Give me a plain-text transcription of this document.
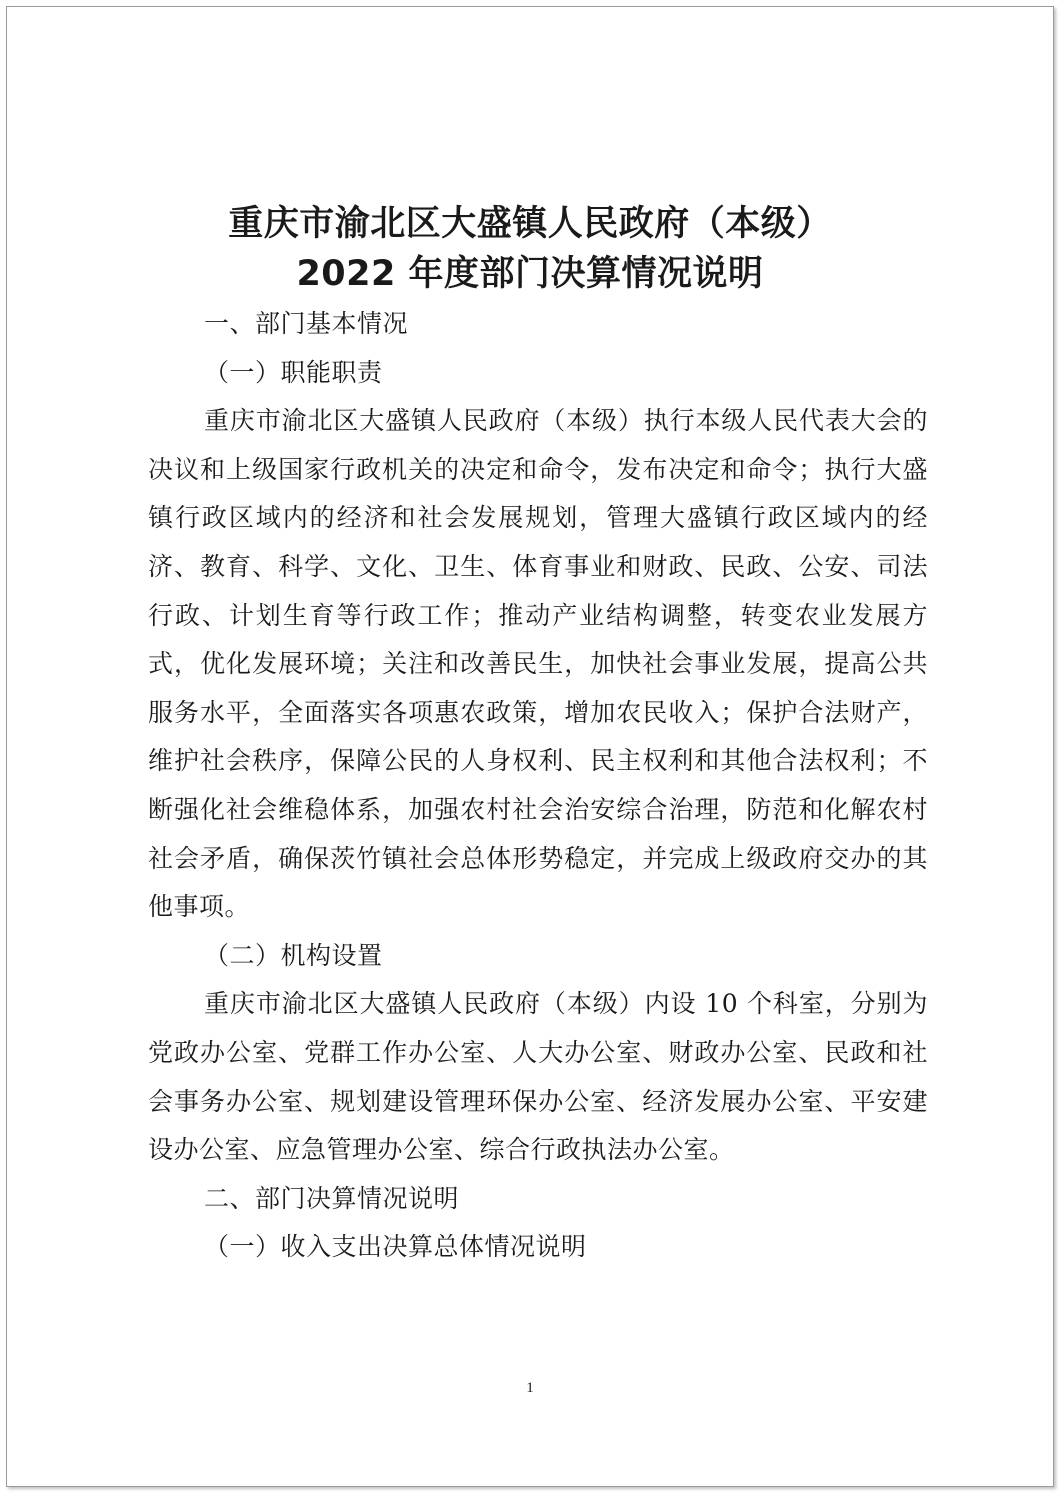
重庆市渝北区大盛镇人民政府（本级）
2022 年度部门决算情况说明

一、部门基本情况

（一）职能职责

重庆市渝北区大盛镇人民政府（本级）执行本级人民代表大会的决议和上级国家行政机关的决定和命令，发布决定和命令；执行大盛镇行政区域内的经济和社会发展规划，管理大盛镇行政区域内的经济、教育、科学、文化、卫生、体育事业和财政、民政、公安、司法行政、计划生育等行政工作；推动产业结构调整，转变农业发展方式，优化发展环境；关注和改善民生，加快社会事业发展，提高公共服务水平，全面落实各项惠农政策，增加农民收入；保护合法财产，维护社会秩序，保障公民的人身权利、民主权利和其他合法权利；不断强化社会维稳体系，加强农村社会治安综合治理，防范和化解农村社会矛盾，确保茨竹镇社会总体形势稳定，并完成上级政府交办的其他事项。

（二）机构设置

重庆市渝北区大盛镇人民政府（本级）内设 10 个科室，分别为党政办公室、党群工作办公室、人大办公室、财政办公室、民政和社会事务办公室、规划建设管理环保办公室、经济发展办公室、平安建设办公室、应急管理办公室、综合行政执法办公室。

二、部门决算情况说明

（一）收入支出决算总体情况说明

1
